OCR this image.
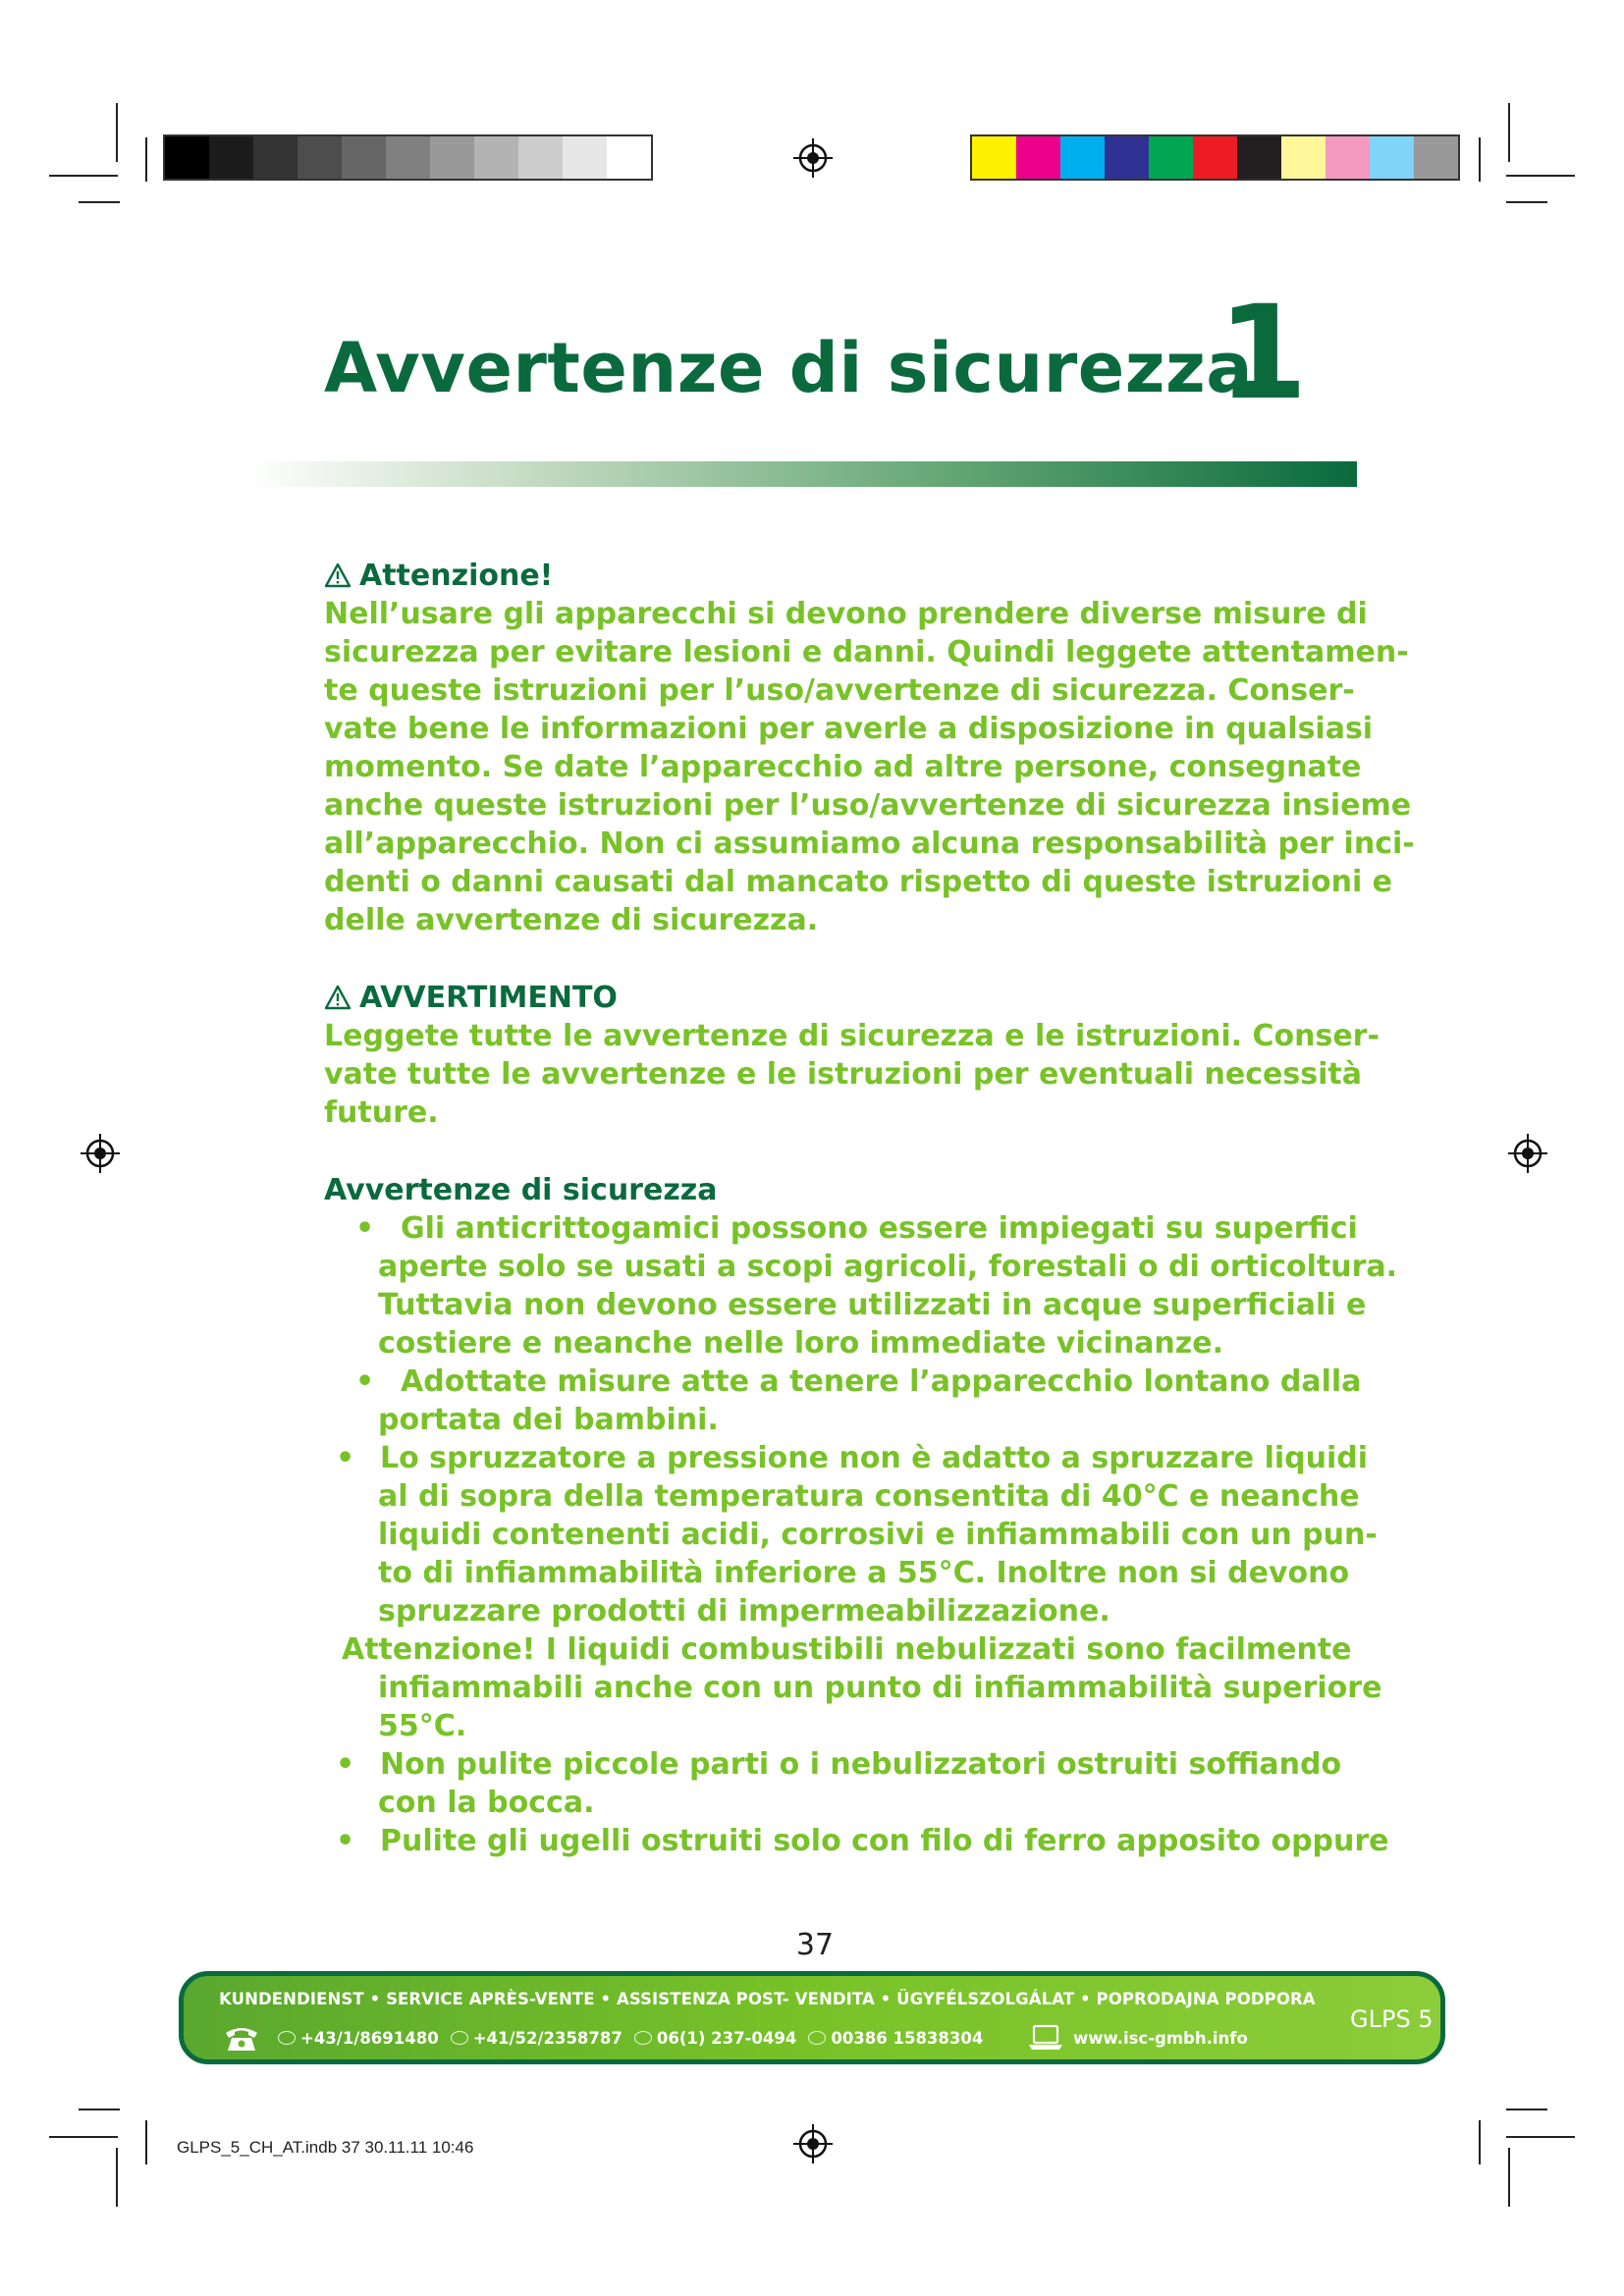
Avvertenze di sicurezza
1
Attenzione!
Nell’usare gli apparecchi si devono prendere diverse misure di
sicurezza per evitare lesioni e danni. Quindi leggete attentamen-
te queste istruzioni per l’uso/avvertenze di sicurezza. Conser-
vate bene le informazioni per averle a disposizione in qualsiasi
momento. Se date l’apparecchio ad altre persone, consegnate
anche queste istruzioni per l’uso/avvertenze di sicurezza insieme
all’apparecchio. Non ci assumiamo alcuna responsabilità per inci-
denti o danni causati dal mancato rispetto di queste istruzioni e
delle avvertenze di sicurezza.
AVVERTIMENTO
Leggete tutte le avvertenze di sicurezza e le istruzioni. Conser-
vate tutte le avvertenze e le istruzioni per eventuali necessità
future.
Avvertenze di sicurezza
• Gli anticrittogamici possono essere impiegati su superfici
aperte solo se usati a scopi agricoli, forestali o di orticoltura.
Tuttavia non devono essere utilizzati in acque superficiali e
costiere e neanche nelle loro immediate vicinanze.
• Adottate misure atte a tenere l’apparecchio lontano dalla
portata dei bambini.
• Lo spruzzatore a pressione non è adatto a spruzzare liquidi
al di sopra della temperatura consentita di 40°C e neanche
liquidi contenenti acidi, corrosivi e infiammabili con un pun-
to di infiammabilità inferiore a 55°C. Inoltre non si devono
spruzzare prodotti di impermeabilizzazione.
Attenzione! I liquidi combustibili nebulizzati sono facilmente
infiammabili anche con un punto di infiammabilità superiore
55°C.
• Non pulite piccole parti o i nebulizzatori ostruiti soffiando
con la bocca.
• Pulite gli ugelli ostruiti solo con filo di ferro apposito oppure
37
KUNDENDIENST • SERVICE APRÈS-VENTE • ASSISTENZA POST- VENDITA • ÜGYFÉLSZOLGÁLAT • POPRODAJNA PODPORA
+43/1/8691480 +41/52/2358787 06(1) 237-0494 00386 15838304	www.isc-gmbh.info
GLPS 5
GLPS_5_CH_AT.indb 37 30.11.11 10:46
